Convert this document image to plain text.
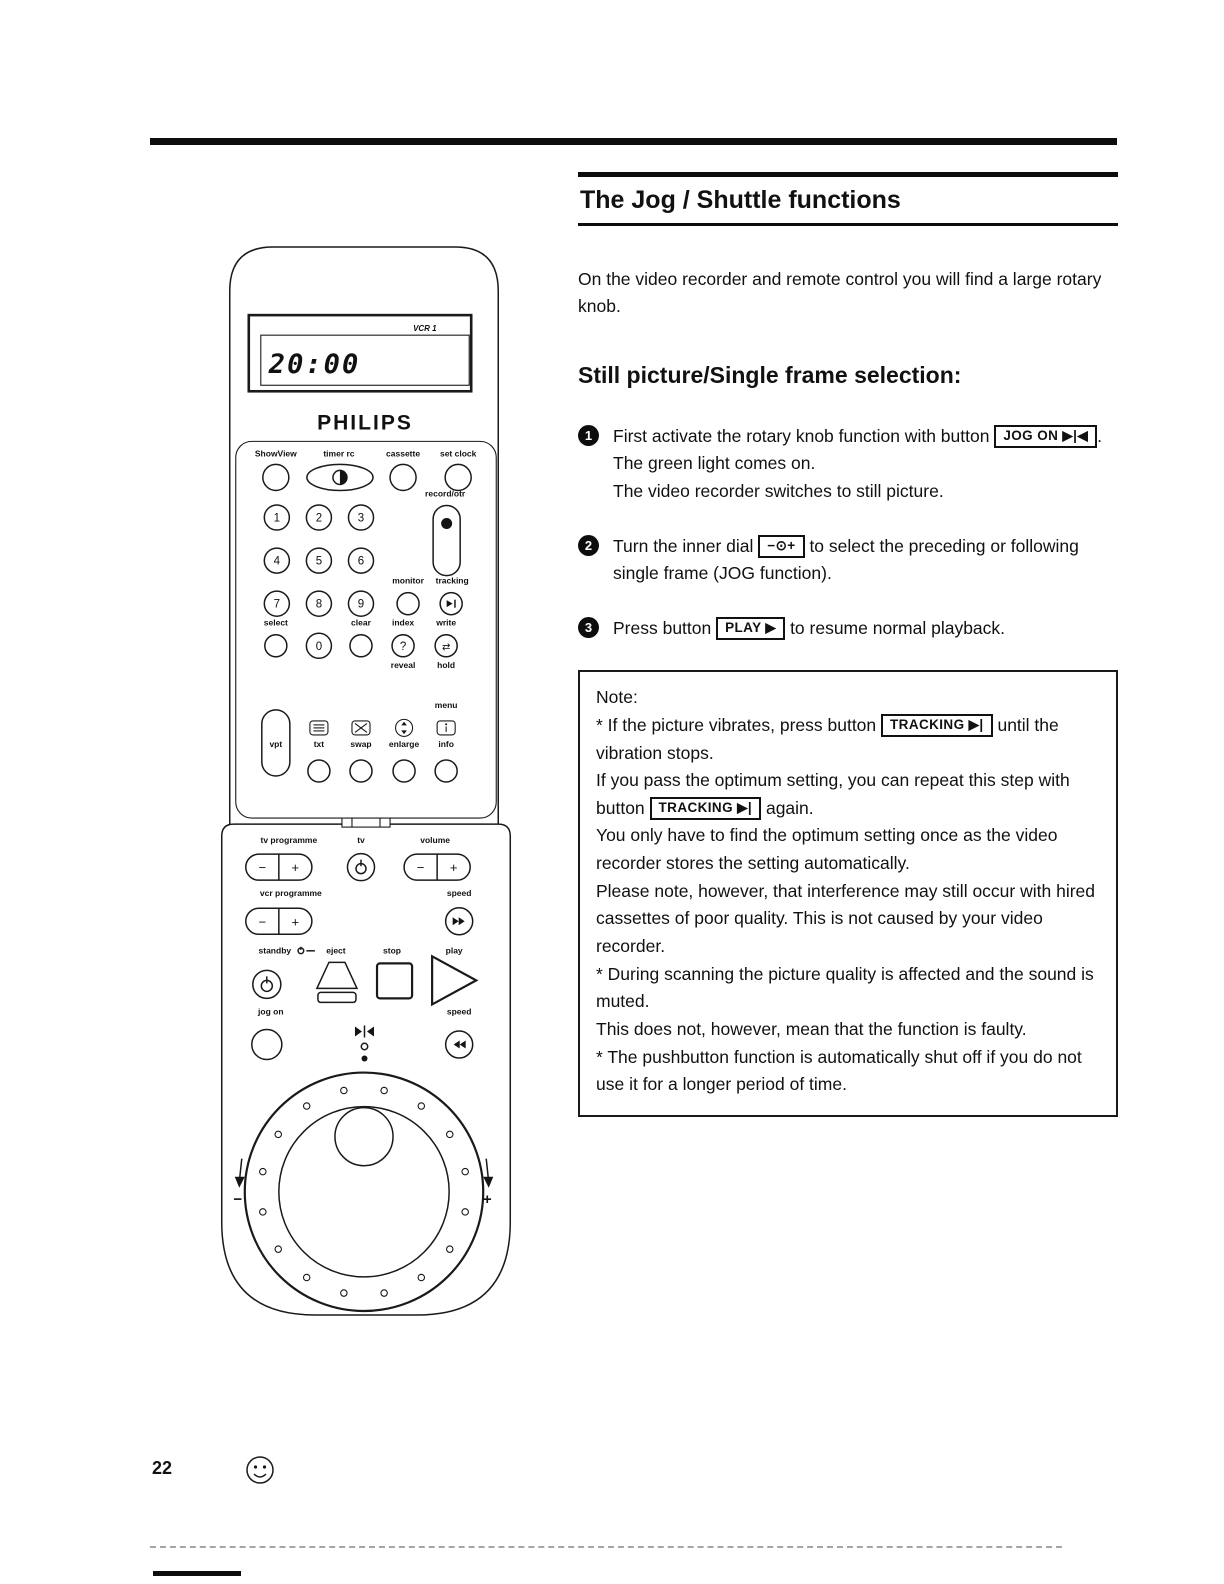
VCR 1
20:00
PHILIPS
ShowView	timer rc	cassette set clock
record/otr
1	2	3
4	5	6
7	8	9
0
monitor tracking
select	clear index	write
?	⇄
reveal	hold
menu
vpt	txt	swap enlarge info
tv programme	tv	volume
− +	− +
vcr programme	speed
− +
standby	eject	stop	play
jog on	speed
−	+
The Jog / Shuttle functions

On the video recorder and remote control you will find a large rotary knob.

Still picture/Single frame selection:
1	First activate the rotary knob function with button JOG ON ▶|◀ . The green light comes on.

The video recorder switches to still picture.

2	Turn the inner dial −⊙+ to select the preceding or following single frame (JOG function).

3	Press button PLAY ▶ to resume normal playback.

Note:

* If the picture vibrates, press button TRACKING ▶| until the vibration stops.

If you pass the optimum setting, you can repeat this step with button TRACKING ▶| again.

You only have to find the optimum setting once as the video recorder stores the setting automatically.

Please note, however, that interference may still occur with hired cassettes of poor quality. This is not caused by your video recorder.

* During scanning the picture quality is affected and the sound is muted.

This does not, however, mean that the function is faulty.

* The pushbutton function is automatically shut off if you do not use it for a longer period of time.

22
